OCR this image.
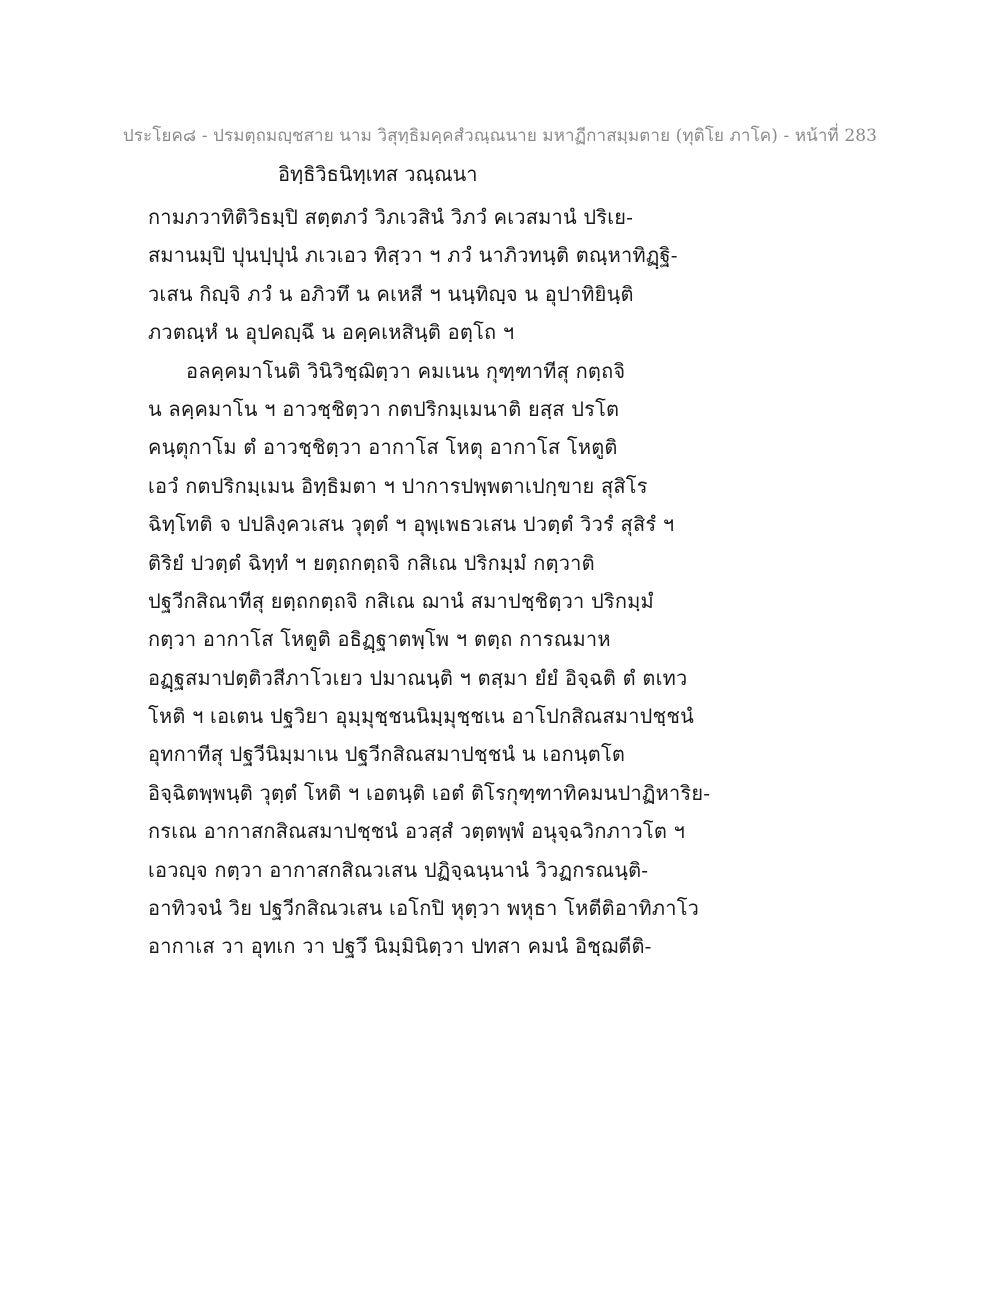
ประโยค๘ - ปรมตฺถมญฺชสาย นาม วิสุทฺธิมคฺคสํวณฺณนาย มหาฏีกาสมฺมตาย (ทุติโย ภาโค) - หน้าที่ 283
อิทฺธิวิธนิทฺเทส วณฺณนา
กามภวาทิติวิธมฺปิ สตฺตภวํ วิภเวสินํ วิภวํ คเวสมานํ ปริเย-
สมานมฺปิ ปุนปฺปุนํ ภเวเอว ทิสฺวา ฯ ภวํ นาภิวทนฺติ ตณฺหาทิฏฺฐิ-
วเสน กิญฺจิ ภวํ น อภิวทึ น คเหสี ฯ นนฺทิญฺจ น อุปาทิยินฺติ
ภวตณฺหํ น อุปคญฺฉึ น อคฺคเหสินฺติ อตฺโถ ฯ
อลคฺคมาโนติ วินิวิชฺฌิตฺวา คมเนน กุฑฺฑาทีสุ กตฺถจิ
น ลคฺคมาโน ฯ อาวชฺชิตฺวา กตปริกมฺเมนาติ ยสฺส ปรโต
คนฺตุกาโม ตํ อาวชฺชิตฺวา อากาโส โหตุ อากาโส โหตูติ
เอวํ กตปริกมฺเมน อิทฺธิมตา ฯ ปาการปพฺพตาเปกฺขาย สุสิโร
ฉิทฺโทติ จ ปปลิงฺควเสน วุตฺตํ ฯ อุพฺเพธวเสน ปวตฺตํ วิวรํ สุสิรํ ฯ
ติริยํ ปวตฺตํ ฉิทฺทํ ฯ ยตฺถกตฺถจิ กสิเณ ปริกมฺมํ กตฺวาติ
ปฐวีกสิณาทีสุ ยตฺถกตฺถจิ กสิเณ ฌานํ สมาปชฺชิตฺวา ปริกมฺมํ
กตฺวา อากาโส โหตูติ อธิฏฺฐาตพฺโพ ฯ ตตฺถ การณมาห
อฏฺฐสมาปตฺติวสีภาโวเยว ปมาณนฺติ ฯ ตสฺมา ยํยํ อิจฺฉติ ตํ ตเทว
โหติ ฯ เอเตน ปฐวิยา อุมฺมุชฺชนนิมฺมุชฺชเน อาโปกสิณสมาปชฺชนํ
อุทกาทีสุ ปฐวีนิมฺมาเน ปฐวีกสิณสมาปชฺชนํ น เอกนฺตโต
อิจฺฉิตพฺพนฺติ วุตฺตํ โหติ ฯ เอตนฺติ เอตํ ติโรกุฑฺฑาทิคมนปาฏิหาริย-
กรเณ อากาสกสิณสมาปชฺชนํ อวสฺสํ วตฺตพฺพํ อนุจฺฉวิกภาวโต ฯ
เอวญฺจ กตฺวา อากาสกสิณวเสน ปฏิจฺฉนฺนานํ วิวฏกรณนฺติ-
อาทิวจนํ วิย ปฐวีกสิณวเสน เอโกปิ หุตฺวา พหุธา โหตีติอาทิภาโว
อากาเส วา อุทเก วา ปฐวึ นิมฺมินิตฺวา ปทสา คมนํ อิชฺฌตีติ-
